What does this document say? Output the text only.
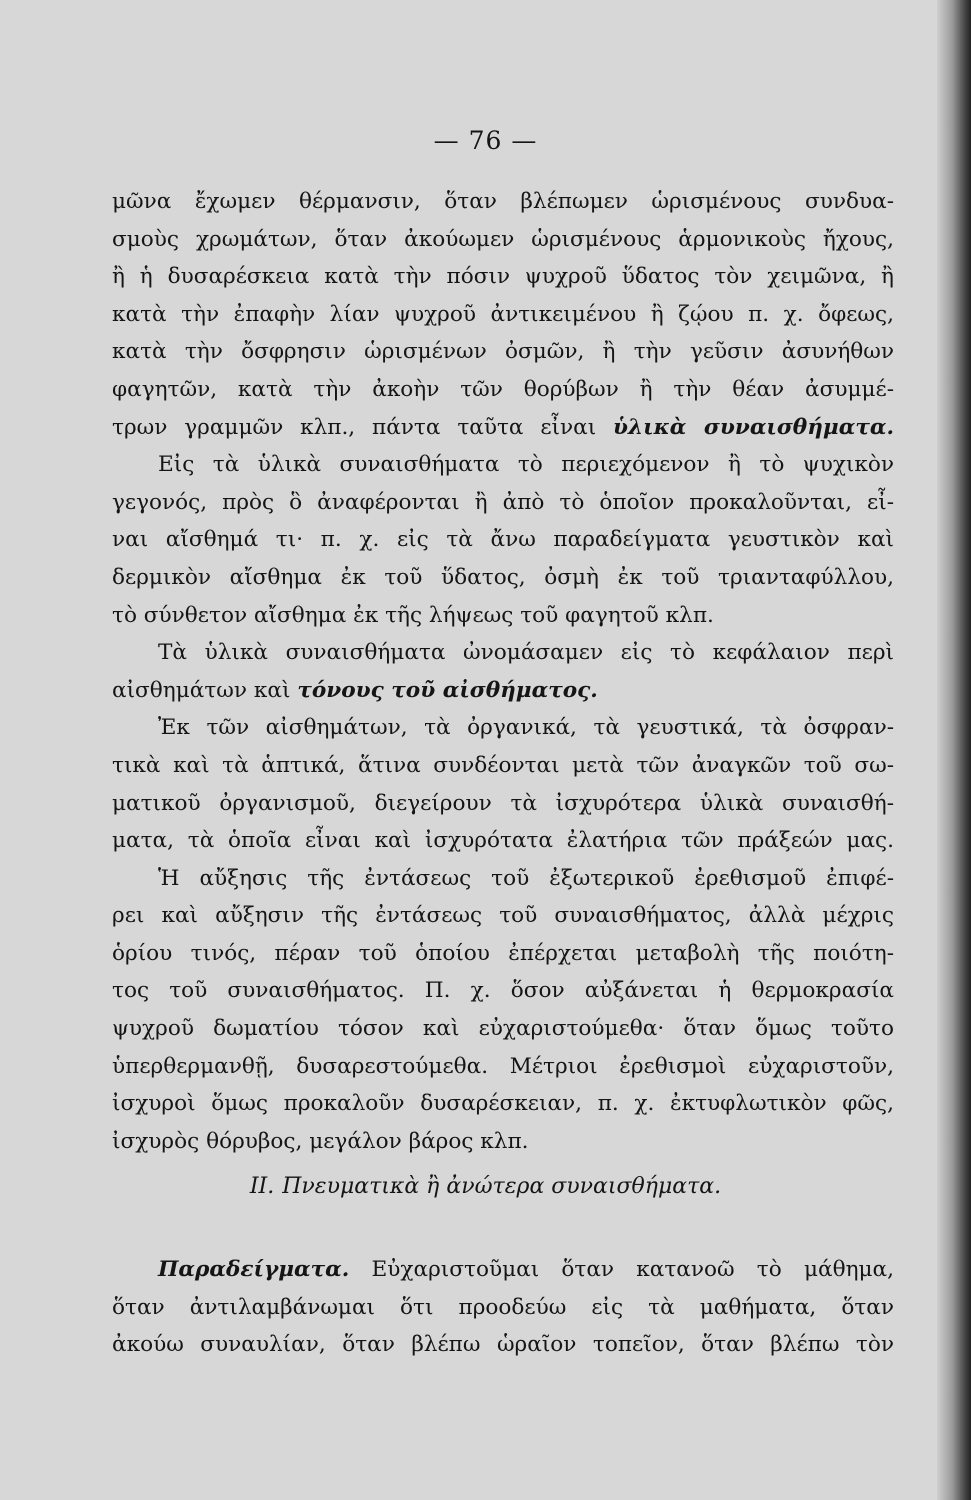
— 76 —
μῶνα ἔχωμεν θέρμανσιν, ὅταν βλέπωμεν ὡρισμένους συνδυα-
σμοὺς χρωμάτων, ὅταν ἀκούωμεν ὡρισμένους ἁρμονικοὺς ἤχους,
ἢ ἡ δυσαρέσκεια κατὰ τὴν πόσιν ψυχροῦ ὕδατος τὸν χειμῶνα, ἢ
κατὰ τὴν ἐπαφὴν λίαν ψυχροῦ ἀντικειμένου ἢ ζῴου π. χ. ὄφεως,
κατὰ τὴν ὄσφρησιν ὡρισμένων ὀσμῶν, ἢ τὴν γεῦσιν ἀσυνήθων
φαγητῶν, κατὰ τὴν ἀκοὴν τῶν θορύβων ἢ τὴν θέαν ἀσυμμέ-
τρων γραμμῶν κλπ., πάντα ταῦτα εἶναι ὑλικὰ συναισθήματα.
Εἰς τὰ ὑλικὰ συναισθήματα τὸ περιεχόμενον ἢ τὸ ψυχικὸν
γεγονός, πρὸς ὃ ἀναφέρονται ἢ ἀπὸ τὸ ὁποῖον προκαλοῦνται, εἶ-
ναι αἴσθημά τι· π. χ. εἰς τὰ ἄνω παραδείγματα γευστικὸν καὶ
δερμικὸν αἴσθημα ἐκ τοῦ ὕδατος, ὀσμὴ ἐκ τοῦ τριανταφύλλου,
τὸ σύνθετον αἴσθημα ἐκ τῆς λήψεως τοῦ φαγητοῦ κλπ.
Τὰ ὑλικὰ συναισθήματα ὠνομάσαμεν εἰς τὸ κεφάλαιον περὶ
αἰσθημάτων καὶ τόνους τοῦ αἰσθήματος.
Ἐκ τῶν αἰσθημάτων, τὰ ὀργανικά, τὰ γευστικά, τὰ ὀσφραν-
τικὰ καὶ τὰ ἁπτικά, ἅτινα συνδέονται μετὰ τῶν ἀναγκῶν τοῦ σω-
ματικοῦ ὀργανισμοῦ, διεγείρουν τὰ ἰσχυρότερα ὑλικὰ συναισθή-
ματα, τὰ ὁποῖα εἶναι καὶ ἰσχυρότατα ἐλατήρια τῶν πράξεών μας.
Ἡ αὔξησις τῆς ἐντάσεως τοῦ ἐξωτερικοῦ ἐρεθισμοῦ ἐπιφέ-
ρει καὶ αὔξησιν τῆς ἐντάσεως τοῦ συναισθήματος, ἀλλὰ μέχρις
ὁρίου τινός, πέραν τοῦ ὁποίου ἐπέρχεται μεταβολὴ τῆς ποιότη-
τος τοῦ συναισθήματος. Π. χ. ὅσον αὐξάνεται ἡ θερμοκρασία
ψυχροῦ δωματίου τόσον καὶ εὐχαριστούμεθα· ὅταν ὅμως τοῦτο
ὑπερθερμανθῇ, δυσαρεστούμεθα. Μέτριοι ἐρεθισμοὶ εὐχαριστοῦν,
ἰσχυροὶ ὅμως προκαλοῦν δυσαρέσκειαν, π. χ. ἐκτυφλωτικὸν φῶς,
ἰσχυρὸς θόρυβος, μεγάλον βάρος κλπ.
ΙΙ. Πνευματικὰ ἢ ἀνώτερα συναισθήματα.
Παραδείγματα. Εὐχαριστοῦμαι ὅταν κατανοῶ τὸ μάθημα,
ὅταν ἀντιλαμβάνωμαι ὅτι προοδεύω εἰς τὰ μαθήματα, ὅταν
ἀκούω συναυλίαν, ὅταν βλέπω ὡραῖον τοπεῖον, ὅταν βλέπω τὸν
